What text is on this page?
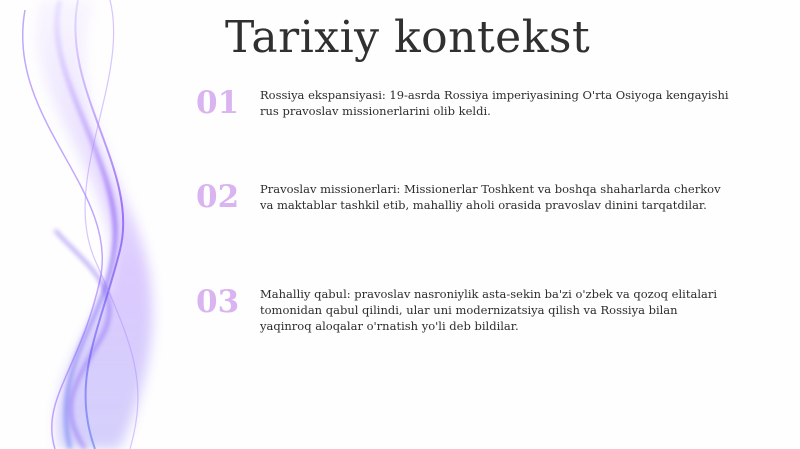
Tarixiy kontekst
01	Rossiya ekspansiyasi: 19-asrda Rossiya imperiyasining O'rta Osiyoga kengayishi rus pravoslav missionerlarini olib keldi.
02	Pravoslav missionerlari: Missionerlar Toshkent va boshqa shaharlarda cherkov va maktablar tashkil etib, mahalliy aholi orasida pravoslav dinini tarqatdilar.
03	Mahalliy qabul: pravoslav nasroniylik asta-sekin ba'zi o'zbek va qozoq elitalari tomonidan qabul qilindi, ular uni modernizatsiya qilish va Rossiya bilan yaqinroq aloqalar o'rnatish yo'li deb bildilar.
